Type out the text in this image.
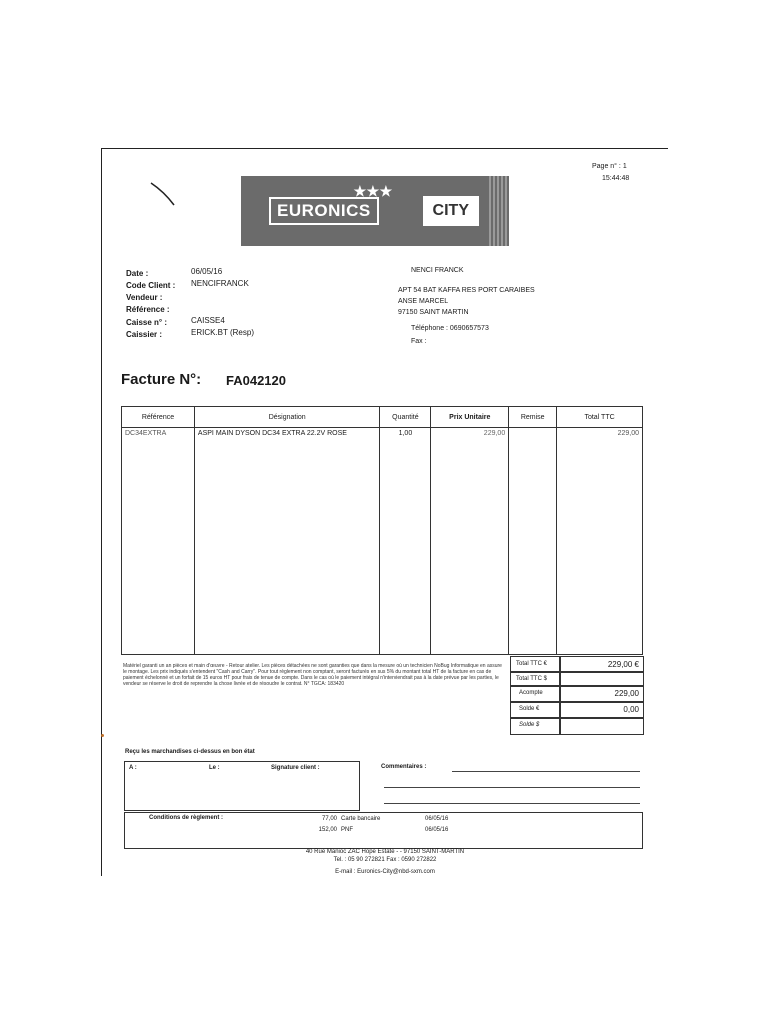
Page n° : 1
15:44:48
EURONICS
★★★
CITY
Date :	06/05/16
Code Client : NENCIFRANCK
Vendeur :
Référence :
Caisse n° :	CAISSE4
Caissier :	ERICK.BT (Resp)
NENCI FRANCK
APT 54 BAT KAFFA RES PORT CARAIBES
ANSE MARCEL
97150 SAINT MARTIN
Téléphone : 0690657573
Fax :
Facture N°: FA042120
Référence	Désignation	Quantité	Prix Unitaire	Remise	Total TTC
DC34EXTRA	ASPI MAIN DYSON DC34 EXTRA 22.2V ROSE	1,00	229,00		229,00
Matériel garanti un an pièces et main d'œuvre - Retour atelier. Les pièces détachées ne sont garanties que dans la mesure où un technicien NoBug Informatique en assure le montage. Les prix indiqués s'entendent "Cash and Carry". Pour tout règlement non comptant, seront facturés en sus 5% du montant total HT de la facture en cas de paiement échelonné et un forfait de 15 euros HT pour frais de tenue de compte. Dans le cas où le paiement intégral n'interviendrait pas à la date prévue par les parties, le vendeur se réserve le droit de reprendre la chose livrée et de résoudre le contrat. N° TGCA: 183420
Total TTC €	229,00 €
Total TTC $
Acompte	229,00
Solde €	0,00
Solde $
Reçu les marchandises ci-dessus en bon état
A :	Le :	Signature client :	Commentaires :
Conditions de règlement :	77,00 Carte bancaire	06/05/16
152,00 PNF	06/05/16
40 Rue Manioc ZAC Hope Estate - - 97150 SAINT-MARTIN
Tel. : 05 90 272821 Fax : 0590 272822
E-mail : Euronics-City@nbd-sxm.com
